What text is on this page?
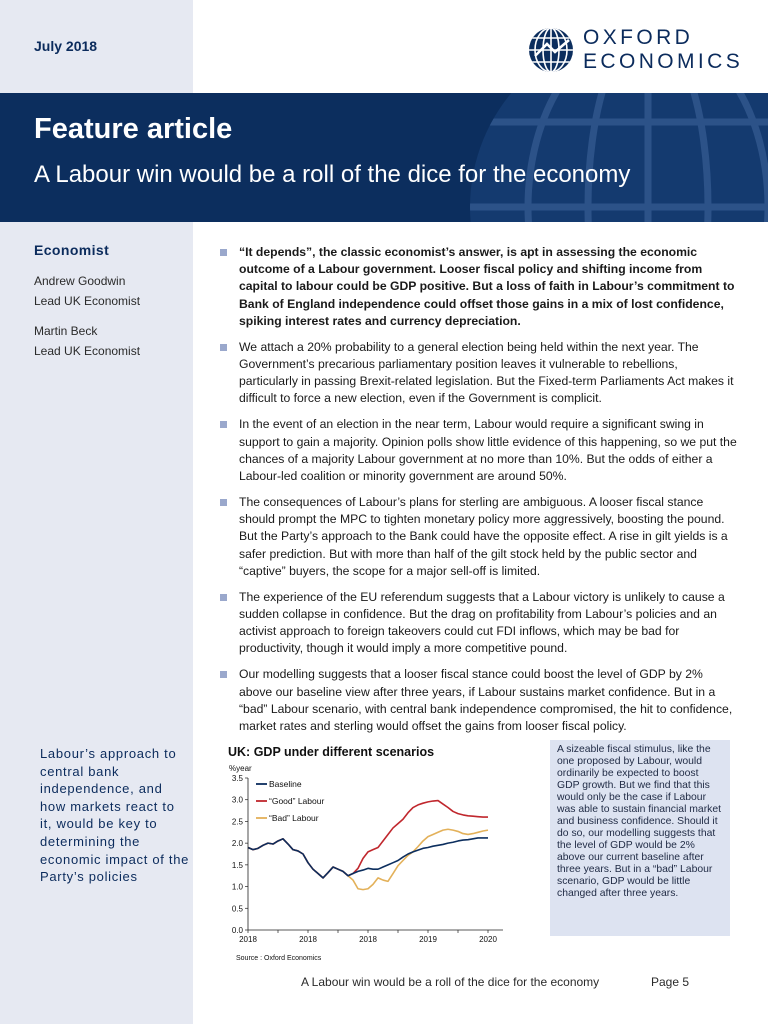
July 2018	OXFORD
ECONOMICS
Feature article
A Labour win would be a roll of the dice for the economy
Economist
Andrew Goodwin
Lead UK Economist
Martin Beck
Lead UK Economist
“It depends”, the classic economist’s answer, is apt in assessing the economic outcome of a Labour government. Looser fiscal policy and shifting income from capital to labour could be GDP positive. But a loss of faith in Labour’s commitment to Bank of England independence could offset those gains in a mix of lost confidence, spiking interest rates and currency depreciation.
We attach a 20% probability to a general election being held within the next year. The Government’s precarious parliamentary position leaves it vulnerable to rebellions, particularly in passing Brexit-related legislation. But the Fixed-term Parliaments Act makes it difficult to force a new election, even if the Government is complicit.
In the event of an election in the near term, Labour would require a significant swing in support to gain a majority. Opinion polls show little evidence of this happening, so we put the chances of a majority Labour government at no more than 10%. But the odds of either a Labour-led coalition or minority government are around 50%.
The consequences of Labour’s plans for sterling are ambiguous. A looser fiscal stance should prompt the MPC to tighten monetary policy more aggressively, boosting the pound. But the Party’s approach to the Bank could have the opposite effect. A rise in gilt yields is a safer prediction. But with more than half of the gilt stock held by the public sector and “captive” buyers, the scope for a major sell-off is limited.
The experience of the EU referendum suggests that a Labour victory is unlikely to cause a sudden collapse in confidence. But the drag on profitability from Labour’s policies and an activist approach to foreign takeovers could cut FDI inflows, which may be bad for productivity, though it would imply a more competitive pound.
Our modelling suggests that a looser fiscal stance could boost the level of GDP by 2% above our baseline view after three years, if Labour sustains market confidence. But in a “bad” Labour scenario, with central bank independence compromised, the hit to confidence, market rates and sterling would offset the gains from looser fiscal policy.
Labour’s approach to central bank independence, and how markets react to it, would be key to determining the economic impact of the Party’s policies
UK: GDP under different scenarios
%year
0.0
0.5
1.0
1.5
2.0
2.5
3.0
3.5
2018	2018	2018	2019	2020
Baseline
“Good” Labour
“Bad” Labour
Source : Oxford Economics
A sizeable fiscal stimulus, like the one proposed by Labour, would ordinarily be expected to boost GDP growth. But we find that this would only be the case if Labour was able to sustain financial market and business confidence. Should it do so, our modelling suggests that the level of GDP would be 2% above our current baseline after three years. But in a “bad” Labour scenario, GDP would be little changed after three years.
A Labour win would be a roll of the dice for the economy	Page 5
